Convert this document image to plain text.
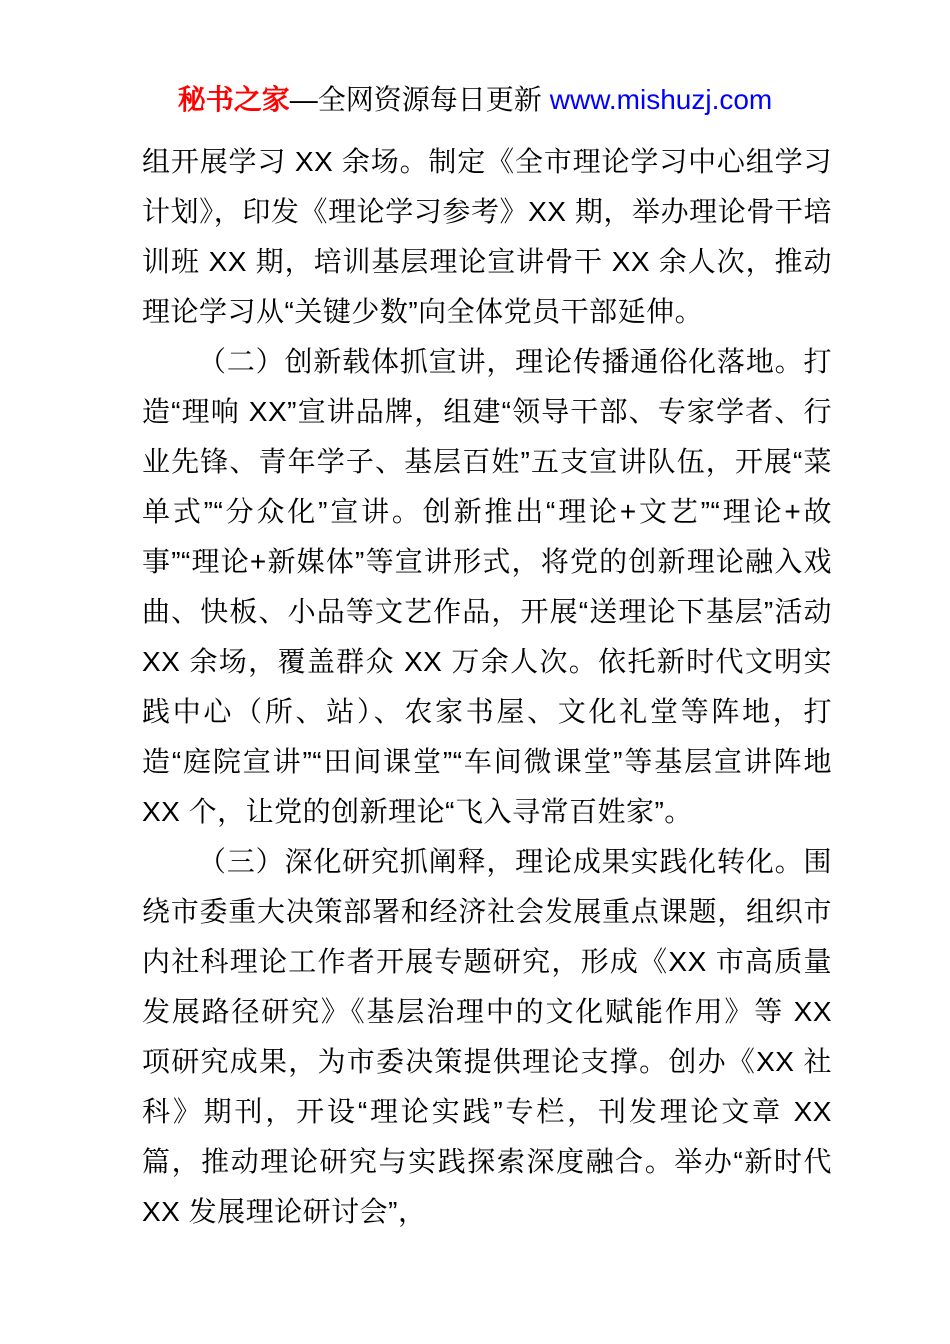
秘书之家—全网资源每日更新 www.mishuzj.com

组开展学习 XX 余场。制定《全市理论学习中心组学习计划》，印发《理论学习参考》XX 期，举办理论骨干培训班 XX 期，培训基层理论宣讲骨干 XX 余人次，推动理论学习从“关键少数”向全体党员干部延伸。

（二）创新载体抓宣讲，理论传播通俗化落地。打造“理响 XX”宣讲品牌，组建“领导干部、专家学者、行业先锋、青年学子、基层百姓”五支宣讲队伍，开展“菜单式”“分众化”宣讲。创新推出“理论+文艺”“理论+故事”“理论+新媒体”等宣讲形式，将党的创新理论融入戏曲、快板、小品等文艺作品，开展“送理论下基层”活动 XX 余场，覆盖群众 XX 万余人次。依托新时代文明实践中心（所、站）、农家书屋、文化礼堂等阵地，打造“庭院宣讲”“田间课堂”“车间微课堂”等基层宣讲阵地 XX 个，让党的创新理论“飞入寻常百姓家”。

（三）深化研究抓阐释，理论成果实践化转化。围绕市委重大决策部署和经济社会发展重点课题，组织市内社科理论工作者开展专题研究，形成《XX 市高质量发展路径研究》《基层治理中的文化赋能作用》等 XX 项研究成果，为市委决策提供理论支撑。创办《XX 社科》期刊，开设“理论实践”专栏，刊发理论文章 XX 篇，推动理论研究与实践探索深度融合。举办“新时代 XX 发展理论研讨会”，
